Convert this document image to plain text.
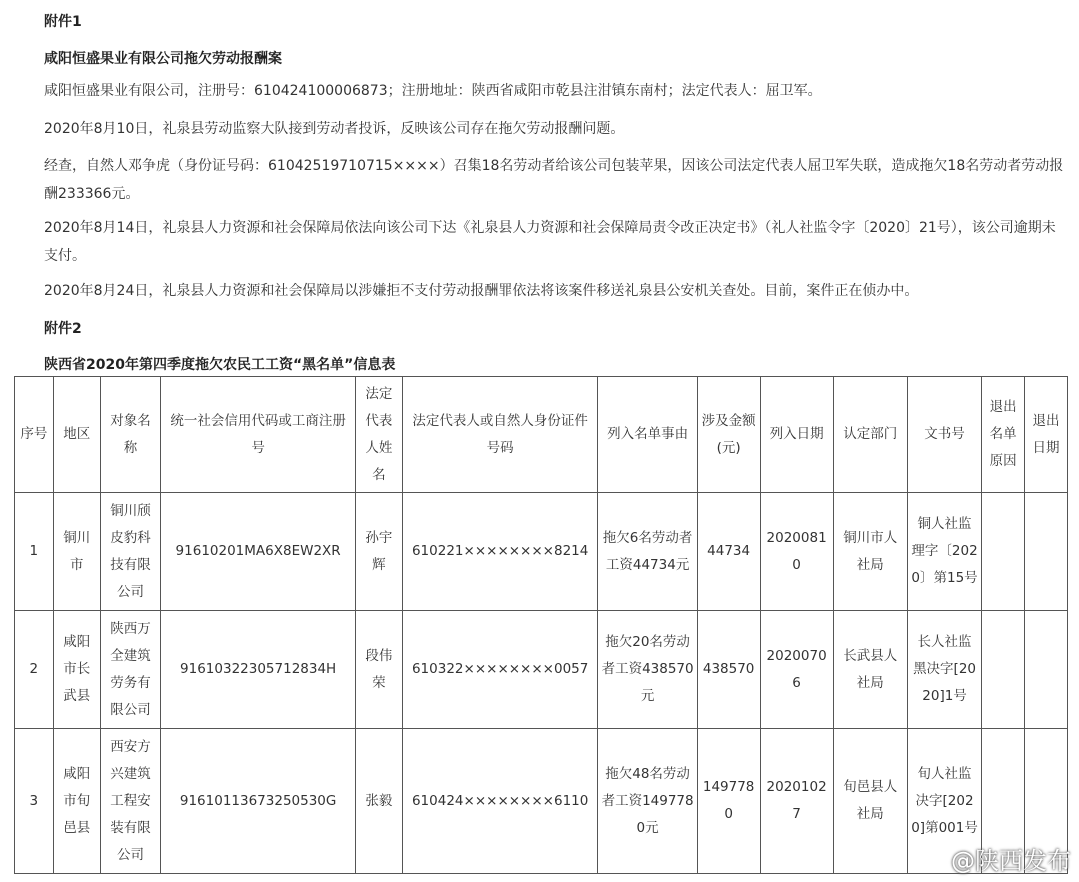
附件1
咸阳恒盛果业有限公司拖欠劳动报酬案
咸阳恒盛果业有限公司，注册号：610424100006873；注册地址：陕西省咸阳市乾县注泔镇东南村；法定代表人：屈卫军。
2020年8月10日，礼泉县劳动监察大队接到劳动者投诉，反映该公司存在拖欠劳动报酬问题。
经查，自然人邓争虎（身份证号码：61042519710715××××）召集18名劳动者给该公司包装苹果，因该公司法定代表人屈卫军失联，造成拖欠18名劳动者劳动报酬233366元。
2020年8月14日，礼泉县人力资源和社会保障局依法向该公司下达《礼泉县人力资源和社会保障局责令改正决定书》（礼人社监令字〔2020〕21号），该公司逾期未支付。
2020年8月24日，礼泉县人力资源和社会保障局以涉嫌拒不支付劳动报酬罪依法将该案件移送礼泉县公安机关查处。目前，案件正在侦办中。
附件2
陕西省2020年第四季度拖欠农民工工资“黑名单”信息表
序号	地区	对象名称	统一社会信用代码或工商注册号	法定代表人姓名	法定代表人或自然人身份证件号码	列入名单事由	涉及金额(元)	列入日期	认定部门	文书号	退出名单原因	退出日期
1	铜川市	铜川颀皮豹科技有限公司	91610201MA6X8EW2XR	孙宇辉	610221××××××××8214	拖欠6名劳动者工资44734元	44734	20200810	铜川市人社局	铜人社监理字〔2020〕第15号		
2	咸阳市长武县	陕西万全建筑劳务有限公司	91610322305712834H	段伟荣	610322××××××××0057	拖欠20名劳动者工资438570元	438570	20200706	长武县人社局	长人社监黑决字[2020]1号		
3	咸阳市旬邑县	西安方兴建筑工程安装有限公司	91610113673250530G	张毅	610424××××××××6110	拖欠48名劳动者工资1497780元	1497780	20201027	旬邑县人社局	旬人社监决字[2020]第001号		
@陕西发布
